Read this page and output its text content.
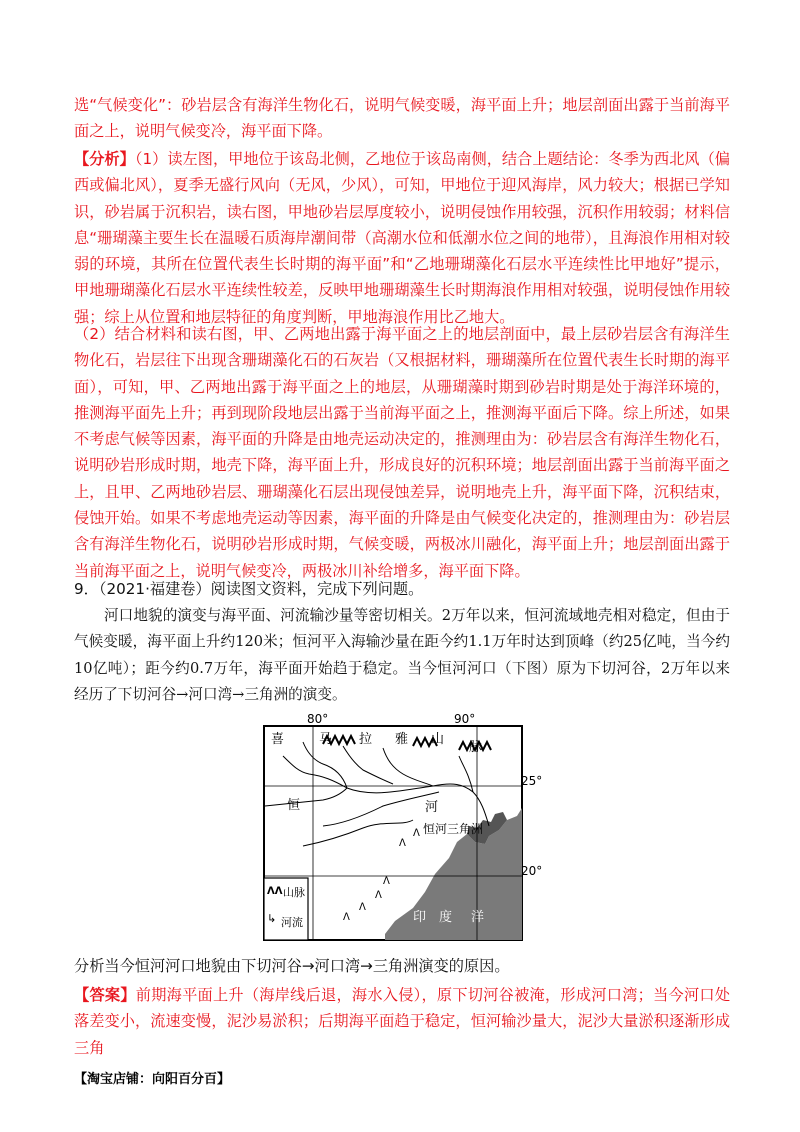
选“气候变化”：砂岩层含有海洋生物化石，说明气候变暖，海平面上升；地层剖面出露于当前海平面之上，说明气候变冷，海平面下降。

【分析】（1）读左图，甲地位于该岛北侧，乙地位于该岛南侧，结合上题结论：冬季为西北风（偏西或偏北风），夏季无盛行风向（无风，少风），可知，甲地位于迎风海岸，风力较大；根据已学知识，砂岩属于沉积岩，读右图，甲地砂岩层厚度较小，说明侵蚀作用较强，沉积作用较弱；材料信息“珊瑚藻主要生长在温暖石质海岸潮间带（高潮水位和低潮水位之间的地带），且海浪作用相对较弱的环境，其所在位置代表生长时期的海平面”和“乙地珊瑚藻化石层水平连续性比甲地好”提示，甲地珊瑚藻化石层水平连续性较差，反映甲地珊瑚藻生长时期海浪作用相对较强，说明侵蚀作用较强；综上从位置和地层特征的角度判断，甲地海浪作用比乙地大。

（2）结合材料和读右图，甲、乙两地出露于海平面之上的地层剖面中，最上层砂岩层含有海洋生物化石，岩层往下出现含珊瑚藻化石的石灰岩（又根据材料，珊瑚藻所在位置代表生长时期的海平面），可知，甲、乙两地出露于海平面之上的地层，从珊瑚藻时期到砂岩时期是处于海洋环境的，推测海平面先上升；再到现阶段地层出露于当前海平面之上，推测海平面后下降。综上所述，如果不考虑气候等因素，海平面的升降是由地壳运动决定的，推测理由为：砂岩层含有海洋生物化石，说明砂岩形成时期，地壳下降，海平面上升，形成良好的沉积环境；地层剖面出露于当前海平面之上，且甲、乙两地砂岩层、珊瑚藻化石层出现侵蚀差异，说明地壳上升，海平面下降，沉积结束，侵蚀开始。如果不考虑地壳运动等因素，海平面的升降是由气候变化决定的，推测理由为：砂岩层含有海洋生物化石，说明砂岩形成时期，气候变暖，两极冰川融化，海平面上升；地层剖面出露于当前海平面之上，说明气候变冷，两极冰川补给增多，海平面下降。

9．（2021·福建卷）阅读图文资料，完成下列问题。

河口地貌的演变与海平面、河流输沙量等密切相关。2万年以来，恒河流域地壳相对稳定，但由于气候变暖，海平面上升约120米；恒河平入海输沙量在距今约1.1万年时达到顶峰（约25亿吨，当今约10亿吨）；距今约0.7万年，海平面开始趋于稳定。当今恒河河口（下图）原为下切河谷，2万年以来经历了下切河谷→河口湾→三角洲的演变。

ᐱ
ᐱ
ᐱ
ᐱ
ᐱ
ᐱ
80°	90°
25°
20°
喜	马 拉 雅 山
脉
恒	河
恒河三角洲
印 度 洋
ᐱᐱ 山脉
↳ 河流

分析当今恒河河口地貌由下切河谷→河口湾→三角洲演变的原因。

【答案】前期海平面上升（海岸线后退，海水入侵），原下切河谷被淹，形成河口湾；当今河口处落差变小，流速变慢，泥沙易淤积；后期海平面趋于稳定，恒河输沙量大，泥沙大量淤积逐渐形成三角

【淘宝店铺：向阳百分百】
